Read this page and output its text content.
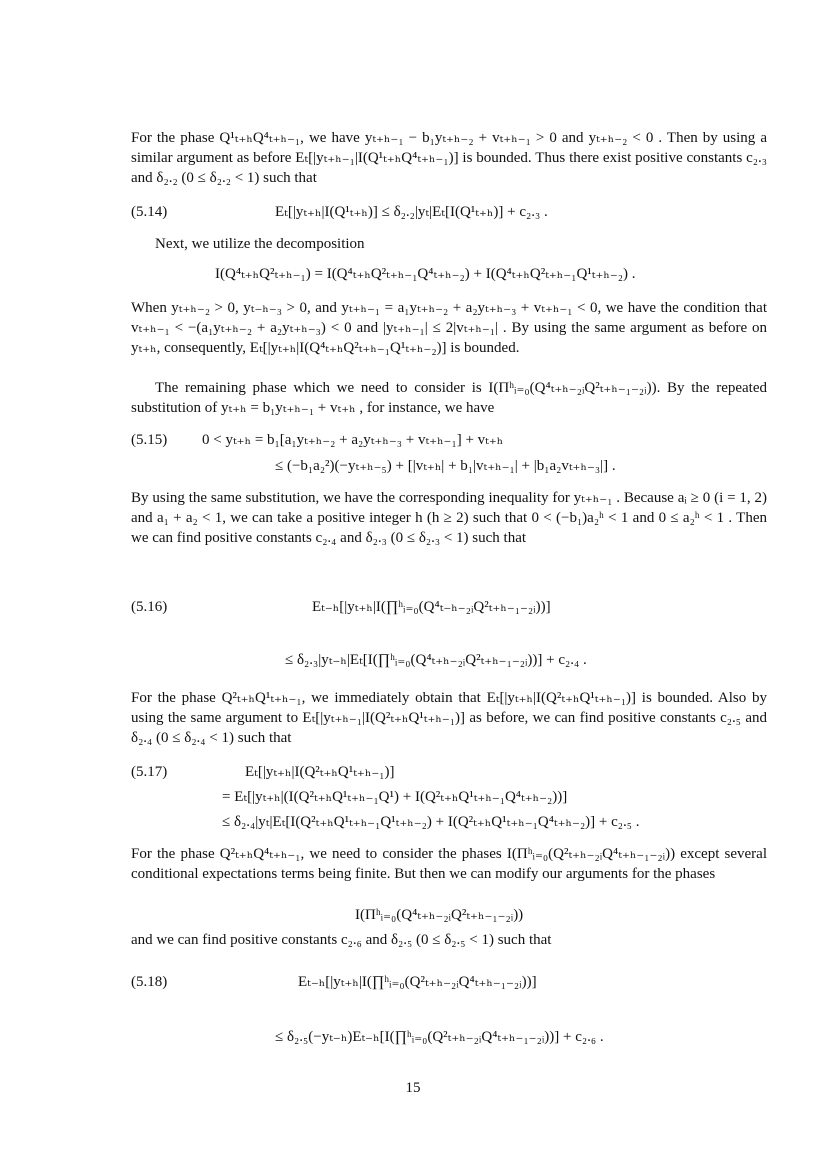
For the phase Q¹ₜ₊ₕQ⁴ₜ₊ₕ₋₁, we have yₜ₊ₕ₋₁ − b₁yₜ₊ₕ₋₂ + vₜ₊ₕ₋₁ > 0 and yₜ₊ₕ₋₂ < 0 . Then by using a similar argument as before Eₜ[|yₜ₊ₕ₋₁|I(Q¹ₜ₊ₕQ⁴ₜ₊ₕ₋₁)] is bounded. Thus there exist positive constants c₂.₃ and δ₂.₂ (0 ≤ δ₂.₂ < 1) such that

(5.14)	Eₜ[|yₜ₊ₕ|I(Q¹ₜ₊ₕ)] ≤ δ₂.₂|yₜ|Eₜ[I(Q¹ₜ₊ₕ)] + c₂.₃ .

Next, we utilize the decomposition

I(Q⁴ₜ₊ₕQ²ₜ₊ₕ₋₁) = I(Q⁴ₜ₊ₕQ²ₜ₊ₕ₋₁Q⁴ₜ₊ₕ₋₂) + I(Q⁴ₜ₊ₕQ²ₜ₊ₕ₋₁Q¹ₜ₊ₕ₋₂) .

When yₜ₊ₕ₋₂ > 0, yₜ₋ₕ₋₃ > 0, and yₜ₊ₕ₋₁ = a₁yₜ₊ₕ₋₂ + a₂yₜ₊ₕ₋₃ + vₜ₊ₕ₋₁ < 0, we have the condition that vₜ₊ₕ₋₁ < −(a₁yₜ₊ₕ₋₂ + a₂yₜ₊ₕ₋₃) < 0 and |yₜ₊ₕ₋₁| ≤ 2|vₜ₊ₕ₋₁| . By using the same argument as before on yₜ₊ₕ, consequently, Eₜ[|yₜ₊ₕ|I(Q⁴ₜ₊ₕQ²ₜ₊ₕ₋₁Q¹ₜ₊ₕ₋₂)] is bounded.

The remaining phase which we need to consider is I(Πʰᵢ₌₀(Q⁴ₜ₊ₕ₋₂ᵢQ²ₜ₊ₕ₋₁₋₂ᵢ)). By the repeated substitution of yₜ₊ₕ = b₁yₜ₊ₕ₋₁ + vₜ₊ₕ , for instance, we have

(5.15) 0 < yₜ₊ₕ = b₁[a₁yₜ₊ₕ₋₂ + a₂yₜ₊ₕ₋₃ + vₜ₊ₕ₋₁] + vₜ₊ₕ
≤ (−b₁a₂²)(−yₜ₊ₕ₋₅) + [|vₜ₊ₕ| + b₁|vₜ₊ₕ₋₁| + |b₁a₂vₜ₊ₕ₋₃|] .

By using the same substitution, we have the corresponding inequality for yₜ₊ₕ₋₁ . Because aᵢ ≥ 0 (i = 1, 2) and a₁ + a₂ < 1, we can take a positive integer h (h ≥ 2) such that 0 < (−b₁)a₂ʰ < 1 and 0 ≤ a₂ʰ < 1 . Then we can find positive constants c₂.₄ and δ₂.₃ (0 ≤ δ₂.₃ < 1) such that

(5.16)	Eₜ₋ₕ[|yₜ₊ₕ|I(∏ʰᵢ₌₀(Q⁴ₜ₋ₕ₋₂ᵢQ²ₜ₊ₕ₋₁₋₂ᵢ))]
≤ δ₂.₃|yₜ₋ₕ|Eₜ[I(∏ʰᵢ₌₀(Q⁴ₜ₊ₕ₋₂ᵢQ²ₜ₊ₕ₋₁₋₂ᵢ))] + c₂.₄ .

For the phase Q²ₜ₊ₕQ¹ₜ₊ₕ₋₁, we immediately obtain that Eₜ[|yₜ₊ₕ|I(Q²ₜ₊ₕQ¹ₜ₊ₕ₋₁)] is bounded. Also by using the same argument to Eₜ[|yₜ₊ₕ₋₁|I(Q²ₜ₊ₕQ¹ₜ₊ₕ₋₁)] as before, we can find positive constants c₂.₅ and δ₂.₄ (0 ≤ δ₂.₄ < 1) such that

(5.17)	Eₜ[|yₜ₊ₕ|I(Q²ₜ₊ₕQ¹ₜ₊ₕ₋₁)]
= Eₜ[|yₜ₊ₕ|(I(Q²ₜ₊ₕQ¹ₜ₊ₕ₋₁Q¹) + I(Q²ₜ₊ₕQ¹ₜ₊ₕ₋₁Q⁴ₜ₊ₕ₋₂))]
≤ δ₂.₄|yₜ|Eₜ[I(Q²ₜ₊ₕQ¹ₜ₊ₕ₋₁Q¹ₜ₊ₕ₋₂) + I(Q²ₜ₊ₕQ¹ₜ₊ₕ₋₁Q⁴ₜ₊ₕ₋₂)] + c₂.₅ .

For the phase Q²ₜ₊ₕQ⁴ₜ₊ₕ₋₁, we need to consider the phases I(Πʰᵢ₌₀(Q²ₜ₊ₕ₋₂ᵢQ⁴ₜ₊ₕ₋₁₋₂ᵢ)) except several conditional expectations terms being finite. But then we can modify our arguments for the phases

I(Πʰᵢ₌₀(Q⁴ₜ₊ₕ₋₂ᵢQ²ₜ₊ₕ₋₁₋₂ᵢ))

and we can find positive constants c₂.₆ and δ₂.₅ (0 ≤ δ₂.₅ < 1) such that

(5.18)	Eₜ₋ₕ[|yₜ₊ₕ|I(∏ʰᵢ₌₀(Q²ₜ₊ₕ₋₂ᵢQ⁴ₜ₊ₕ₋₁₋₂ᵢ))]
≤ δ₂.₅(−yₜ₋ₕ)Eₜ₋ₕ[I(∏ʰᵢ₌₀(Q²ₜ₊ₕ₋₂ᵢQ⁴ₜ₊ₕ₋₁₋₂ᵢ))] + c₂.₆ .
15
